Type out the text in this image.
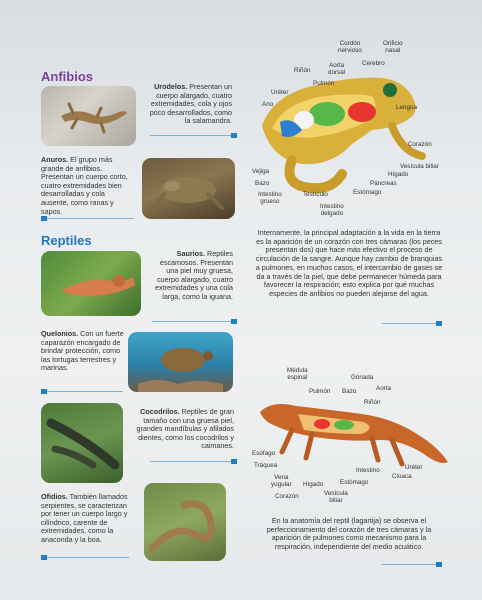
Anfibios
Urodelos. Presentan un cuerpo alargado, cuatro extremidades, cola y ojos poco desarrollados, como la salamandra.
Anuros. El grupo más grande de anfibios. Presentan un cuerpo corto, cuatro extremidades bien desarrolladas y cola ausente, como ranas y sapos.
Cordón
nervioso
Orificio
nasal
Aorta
dorsal
Cerebro
Riñón
Pulmón
Uréter
Ano	Lengua
Corazón
Vesícula biliar
Hígado
Páncreas
Estómago
Vejiga
Bazo
Intestino
grueso
Testículo
Intestino
delgado
Internamente, la principal adaptación a la vida en la tierra es la aparición de un corazón con tres cámaras (los peces presentan dos) que hace más efectivo el proceso de circulación de la sangre. Aunque hay cambio de branquias a pulmones, en muchos casos, el intercambio de gases se da a través de la piel, que debe permanecer húmeda para favorecer la respiración; esto explica por qué muchas especies de anfibios no pueden alejarse del agua.
Reptiles
Saurios. Reptiles escamosos. Presentan una piel muy gruesa, cuerpo alargado, cuatro extremidades y una cola larga, como la iguana.
Quelonios. Con un fuerte caparazón encargado de brindar protección, como las tortugas terrestres y marinas.
Cocodrilos. Reptiles de gran tamaño con una gruesa piel, grandes mandíbulas y afilados dientes, como los cocodrilos y caimanes.
Ofidios. También llamados serpientes, se caracterizan por tener un cuerpo largo y cilíndrico, carente de extremidades, como la anaconda y la boa.
Médula
espinal	Gónada
Pulmón Bazo	Aorta
Riñón
Esófago
Tráquea
Vena
yugular Hígado
Corazón	Vesícula
biliar
Estómago
Intestino	Uréter
Cloaca
En la anatomía del reptil (lagartija) se observa el perfeccionamiento del corazón de tres cámaras y la aparición de pulmones como mecanismo para la respiración, independiente del medio acuático.
